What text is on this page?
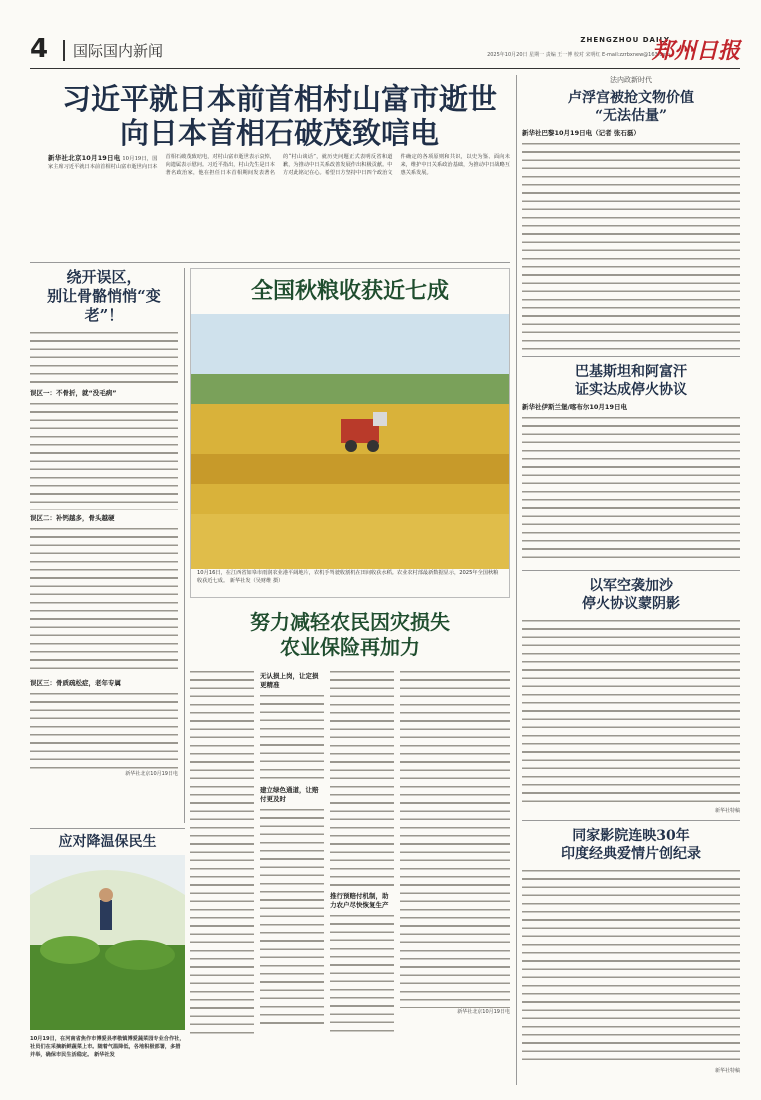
4	国际国内新闻
ZHENGZHOU DAILY
2025年10月20日 星期一 责编 王一博 校对 宋明红 E-mail:zzrbxnew@163.com
郑州日报
习近平就日本前首相村山富市逝世向日本首相石破茂致唁电
新华社北京10月19日电 10月19日，国家主席习近平就日本前首相村山富市逝世向日本首相石破茂致唁电，对村山富市逝世表示哀悼，向遗属表示慰问。习近平指出，村山先生是日本著名政治家，他在担任日本首相期间发表著名的“村山谈话”，就历史问题正式表明反省和道歉，为推动中日关系改善发展作出积极贡献。中方对此铭记在心。希望日方坚持中日四个政治文件确定的各项原则和共识，以史为鉴、面向未来，维护中日关系政治基础，为推动中日战略互惠关系发展。
绕开误区，
别让骨骼悄悄“变老”！
误区一：不骨折，就“没毛病”
误区二：补钙越多，骨头越硬
误区三：骨质疏松症，老年专属
新华社北京10月19日电
全国秋粮收获近七成
10月16日，在江西省如皋市雨润农业港平阔地片，农机手驾驶收割机在田间收获水稻。农业农村部最新数据显示，2025年全国秋粮收获近七成。 新华社发（吴财维 摄）
努力减轻农民因灾损失
农业保险再加力
无认损上岗，让定损更精准
建立绿色通道，让赔付更及时
推行预赔付机制，助力农户尽快恢复生产
新华社北京10月19日电
应对降温保民生
10月19日，在河南省焦作市博爱县孝敬镇博爱蔬菜园专业合作社，社员们在采摘新鲜蔬菜上市。随着气温降低，各地积极部署，多措并举，确保市民生活稳定。 新华社发
法内政新时代
卢浮宫被抢文物价值
“无法估量”
新华社巴黎10月19日电（记者 张石磊）
巴基斯坦和阿富汗
证实达成停火协议
新华社伊斯兰堡/喀布尔10月19日电
以军空袭加沙
停火协议蒙阴影
新华社特稿
同家影院连映30年
印度经典爱情片创纪录
新华社特稿
